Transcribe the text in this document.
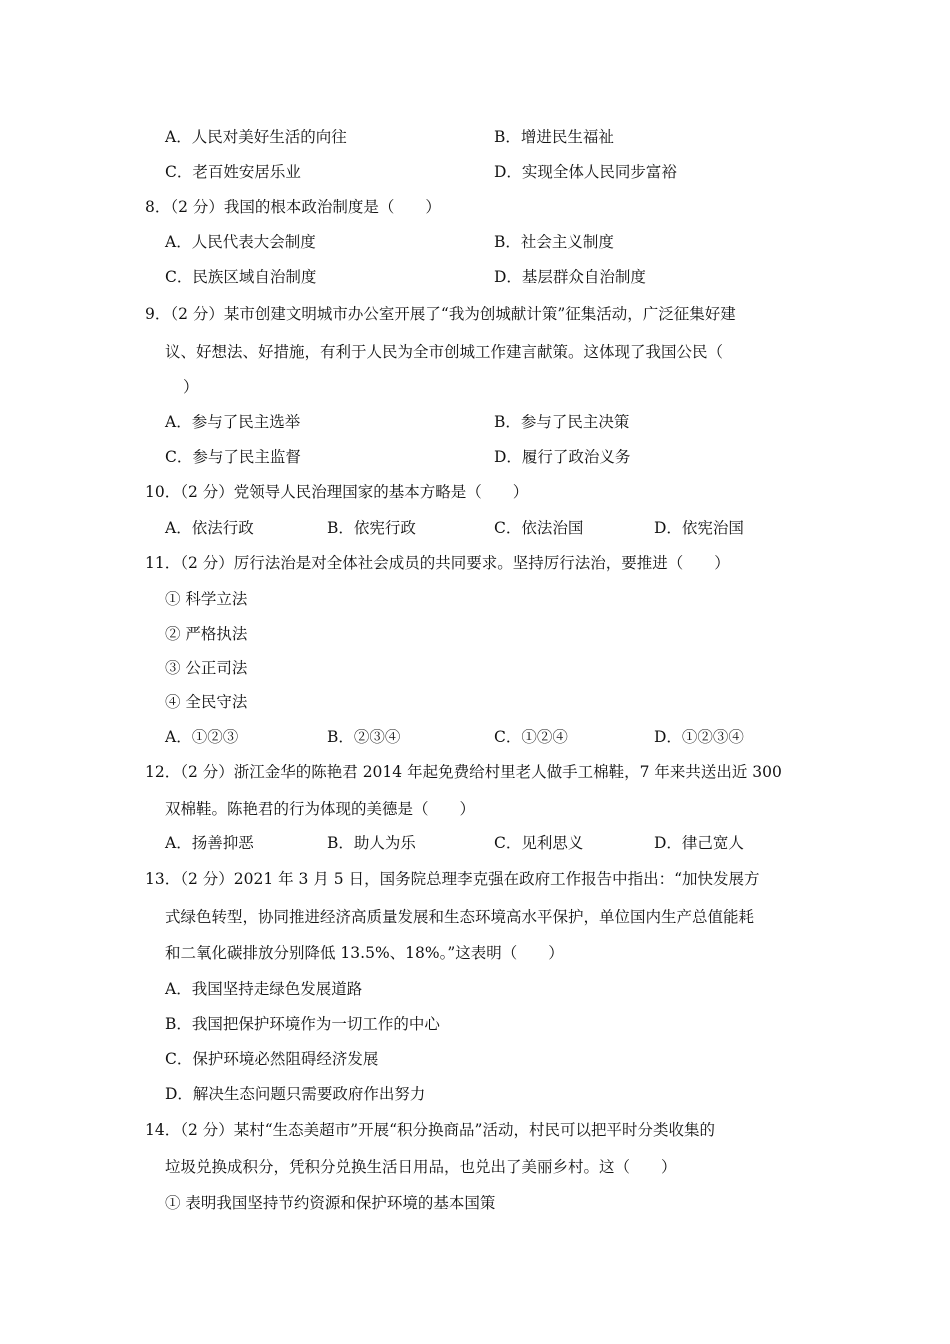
A．人民对美好生活的向往	B．增进民生福祉
C．老百姓安居乐业	D．实现全体人民同步富裕
8．（2 分）我国的根本政治制度是（　　）
A．人民代表大会制度	B．社会主义制度
C．民族区域自治制度	D．基层群众自治制度
9．（2 分）某市创建文明城市办公室开展了“我为创城献计策”征集活动，广泛征集好建
议、好想法、好措施，有利于人民为全市创城工作建言献策。这体现了我国公民（
）
A．参与了民主选举	B．参与了民主决策
C．参与了民主监督	D．履行了政治义务
10．（2 分）党领导人民治理国家的基本方略是（　　）
A．依法行政	B．依宪行政	C．依法治国	D．依宪治国
11．（2 分）厉行法治是对全体社会成员的共同要求。坚持厉行法治，要推进（　　）
① 科学立法
② 严格执法
③ 公正司法
④ 全民守法
A．①②③	B．②③④	C．①②④	D．①②③④
12．（2 分）浙江金华的陈艳君 2014 年起免费给村里老人做手工棉鞋，7 年来共送出近 300
双棉鞋。陈艳君的行为体现的美德是（　　）
A．扬善抑恶	B．助人为乐	C．见利思义	D．律己宽人
13．（2 分）2021 年 3 月 5 日，国务院总理李克强在政府工作报告中指出：“加快发展方
式绿色转型，协同推进经济高质量发展和生态环境高水平保护，单位国内生产总值能耗
和二氧化碳排放分别降低 13.5%、18%。”这表明（　　）
A．我国坚持走绿色发展道路
B．我国把保护环境作为一切工作的中心
C．保护环境必然阻碍经济发展
D．解决生态问题只需要政府作出努力
14．（2 分）某村“生态美超市”开展“积分换商品”活动，村民可以把平时分类收集的
垃圾兑换成积分，凭积分兑换生活日用品，也兑出了美丽乡村。这（　　）
① 表明我国坚持节约资源和保护环境的基本国策
